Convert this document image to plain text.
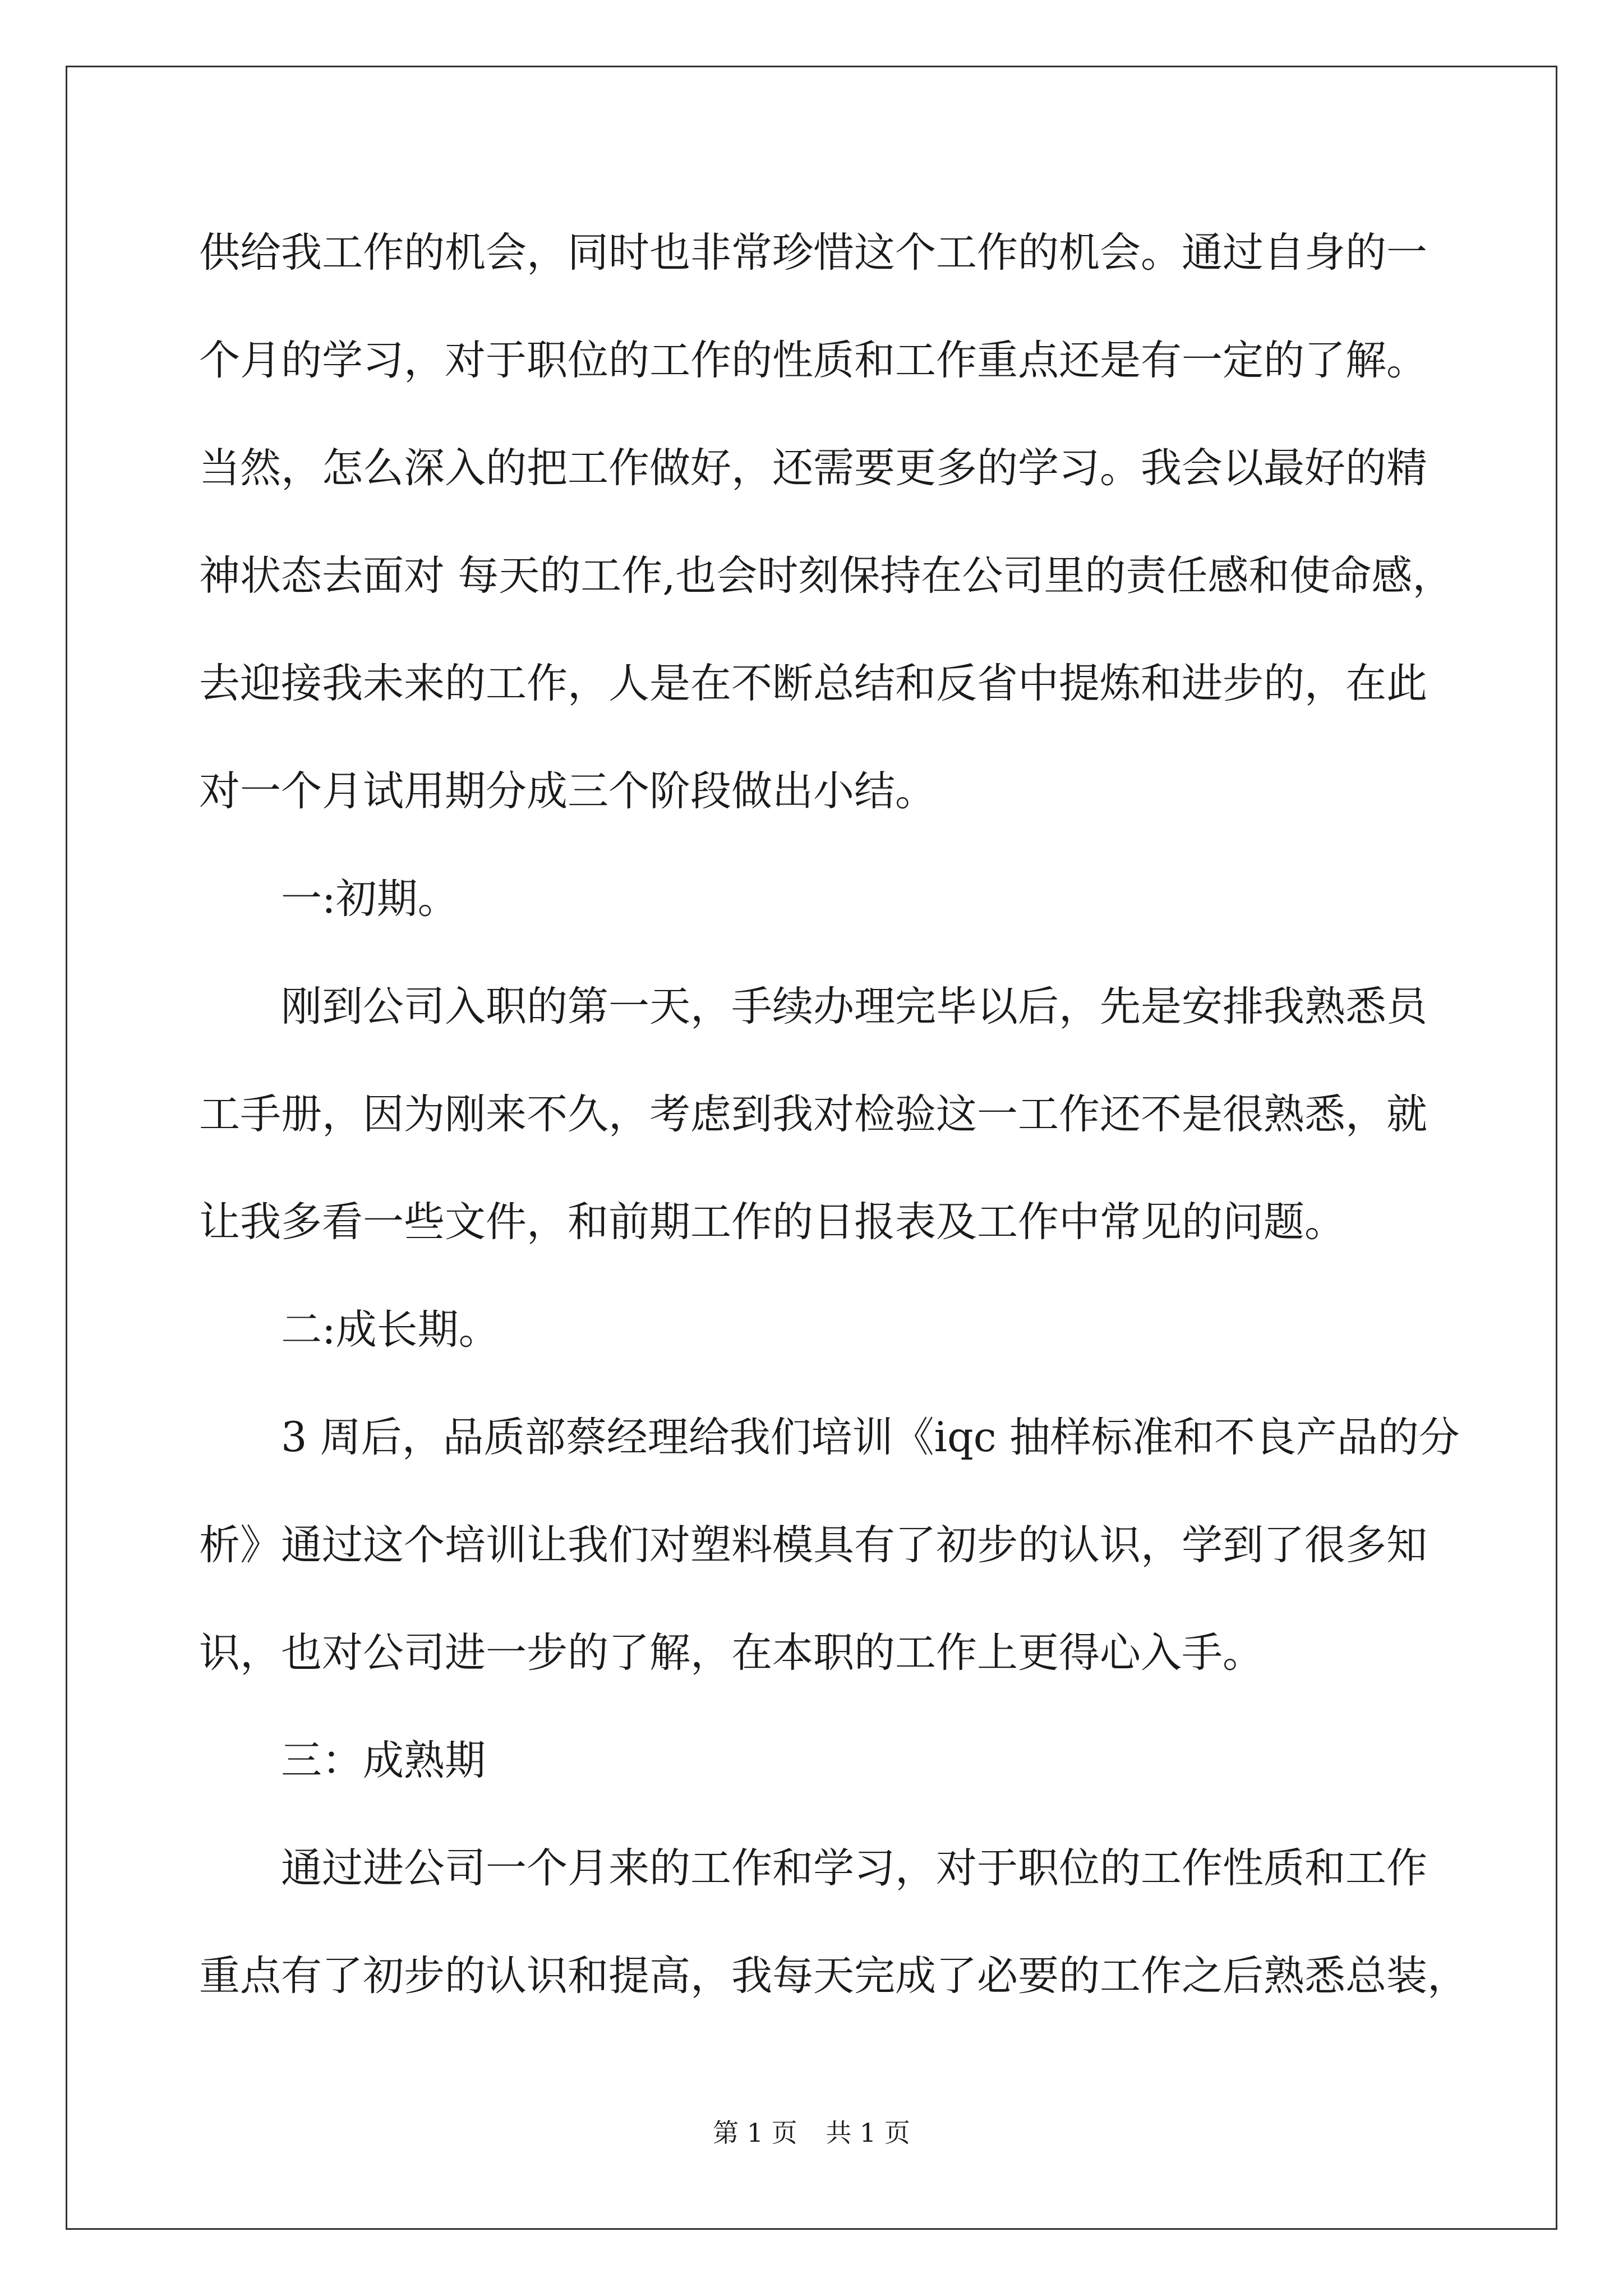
供给我工作的机会，同时也非常珍惜这个工作的机会。通过自身的一
个月的学习，对于职位的工作的性质和工作重点还是有一定的了解。
当然，怎么深入的把工作做好，还需要更多的学习。我会以最好的精
神状态去面对 每天的工作,也会时刻保持在公司里的责任感和使命感，
去迎接我未来的工作，人是在不断总结和反省中提炼和进步的，在此
对一个月试用期分成三个阶段做出小结。
一:初期。
刚到公司入职的第一天，手续办理完毕以后，先是安排我熟悉员
工手册，因为刚来不久，考虑到我对检验这一工作还不是很熟悉，就
让我多看一些文件，和前期工作的日报表及工作中常见的问题。
二:成长期。
3 周后，品质部蔡经理给我们培训《iqc 抽样标准和不良产品的分
析》通过这个培训让我们对塑料模具有了初步的认识，学到了很多知
识，也对公司进一步的了解，在本职的工作上更得心入手。
三：成熟期
通过进公司一个月来的工作和学习，对于职位的工作性质和工作
重点有了初步的认识和提高，我每天完成了必要的工作之后熟悉总装，
第 1 页 共 1 页
